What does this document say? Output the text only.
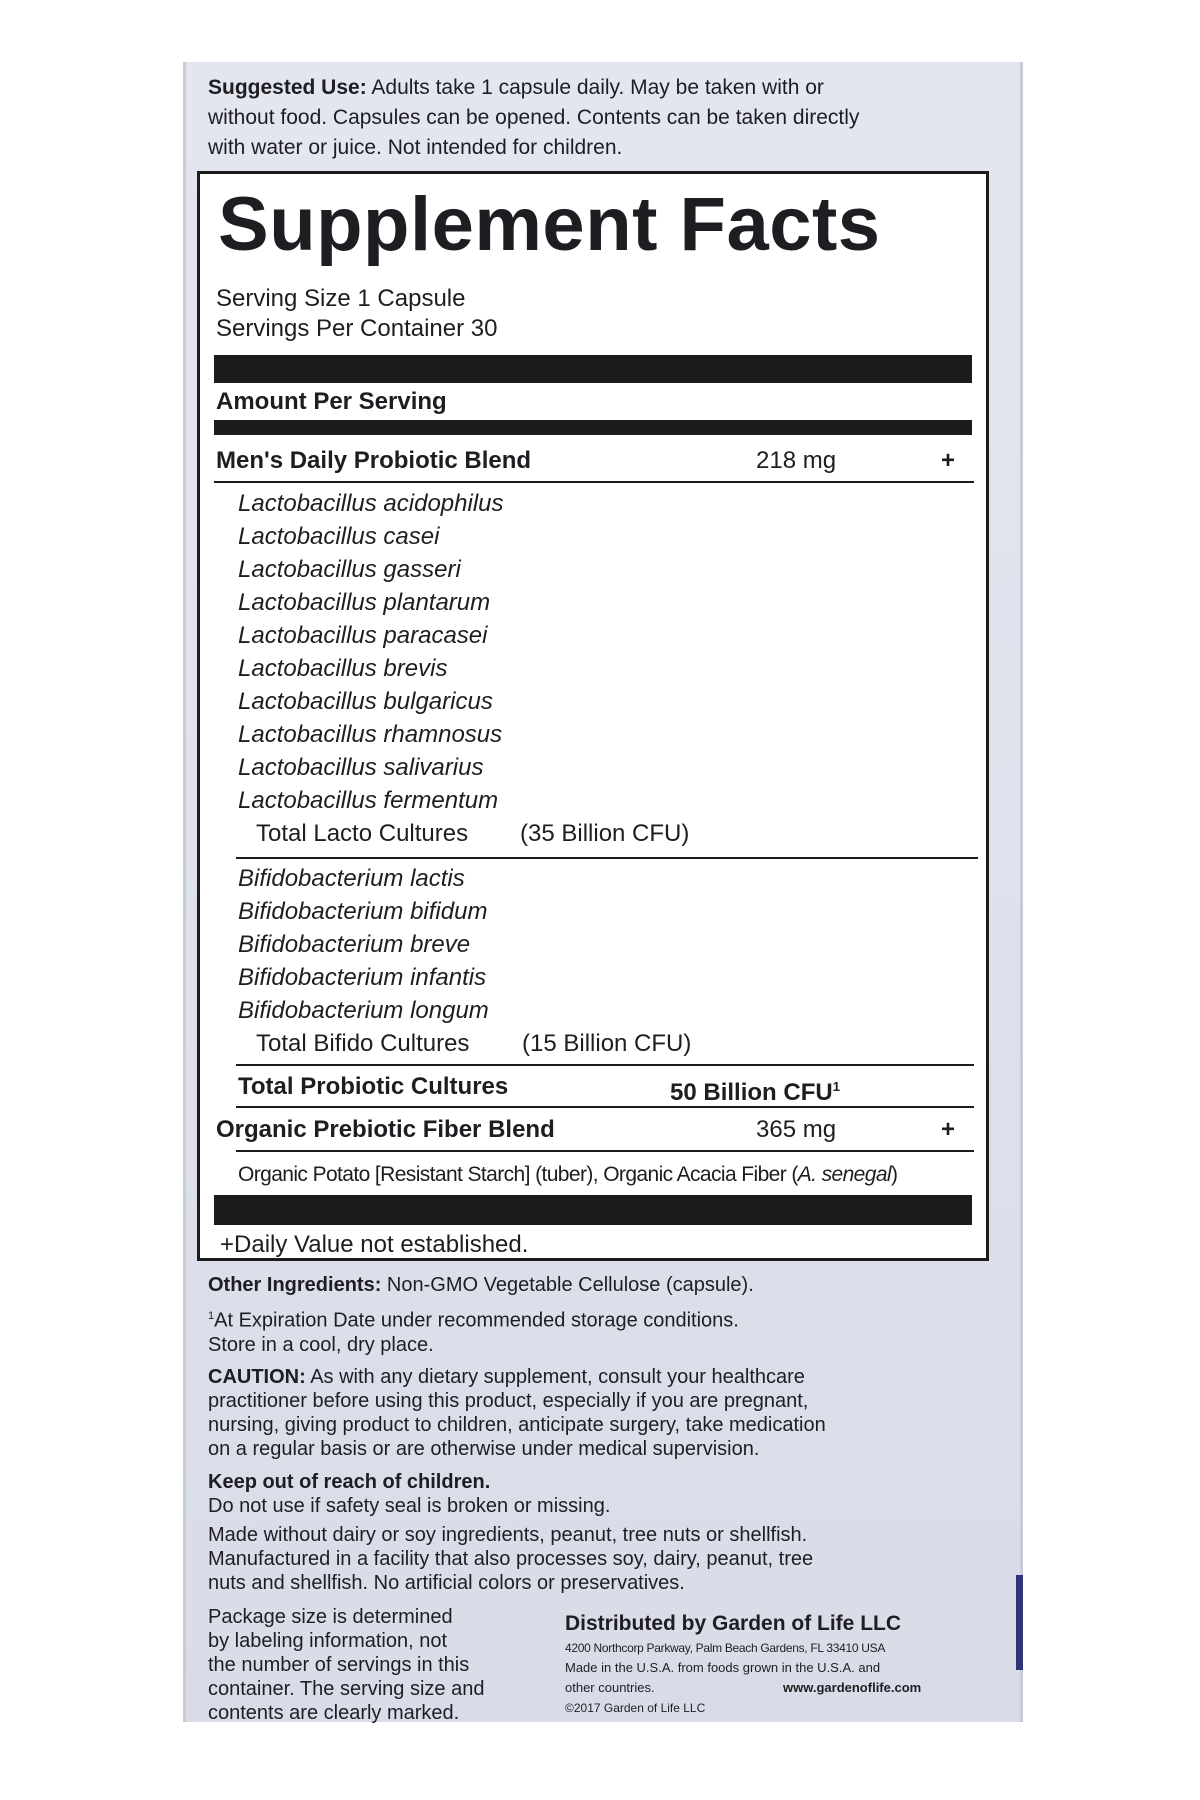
Suggested Use: Adults take 1 capsule daily. May be taken with or
without food. Capsules can be opened. Contents can be taken directly
with water or juice. Not intended for children.
Supplement Facts
Serving Size 1 Capsule
Servings Per Container 30
Amount Per Serving
Men's Daily Probiotic Blend	218 mg	+
Lactobacillus acidophilus
Lactobacillus casei
Lactobacillus gasseri
Lactobacillus plantarum
Lactobacillus paracasei
Lactobacillus brevis
Lactobacillus bulgaricus
Lactobacillus rhamnosus
Lactobacillus salivarius
Lactobacillus fermentum
Total Lacto Cultures (35 Billion CFU)
Bifidobacterium lactis
Bifidobacterium bifidum
Bifidobacterium breve
Bifidobacterium infantis
Bifidobacterium longum
Total Bifido Cultures (15 Billion CFU)
Total Probiotic Cultures	50 Billion CFU$^1$
Organic Prebiotic Fiber Blend	365 mg	+
Organic Potato [Resistant Starch] (tuber), Organic Acacia Fiber (A. senegal)
+Daily Value not established.
Other Ingredients: Non-GMO Vegetable Cellulose (capsule).
$^1$At Expiration Date under recommended storage conditions.
Store in a cool, dry place.
CAUTION: As with any dietary supplement, consult your healthcare
practitioner before using this product, especially if you are pregnant,
nursing, giving product to children, anticipate surgery, take medication
on a regular basis or are otherwise under medical supervision.
Keep out of reach of children.
Do not use if safety seal is broken or missing.
Made without dairy or soy ingredients, peanut, tree nuts or shellfish.
Manufactured in a facility that also processes soy, dairy, peanut, tree
nuts and shellfish. No artificial colors or preservatives.
Package size is determined
by labeling information, not
the number of servings in this
container. The serving size and
contents are clearly marked.
Distributed by Garden of Life LLC
4200 Northcorp Parkway, Palm Beach Gardens, FL 33410 USA
Made in the U.S.A. from foods grown in the U.S.A. and
other countries.	www.gardenoflife.com
©2017 Garden of Life LLC
